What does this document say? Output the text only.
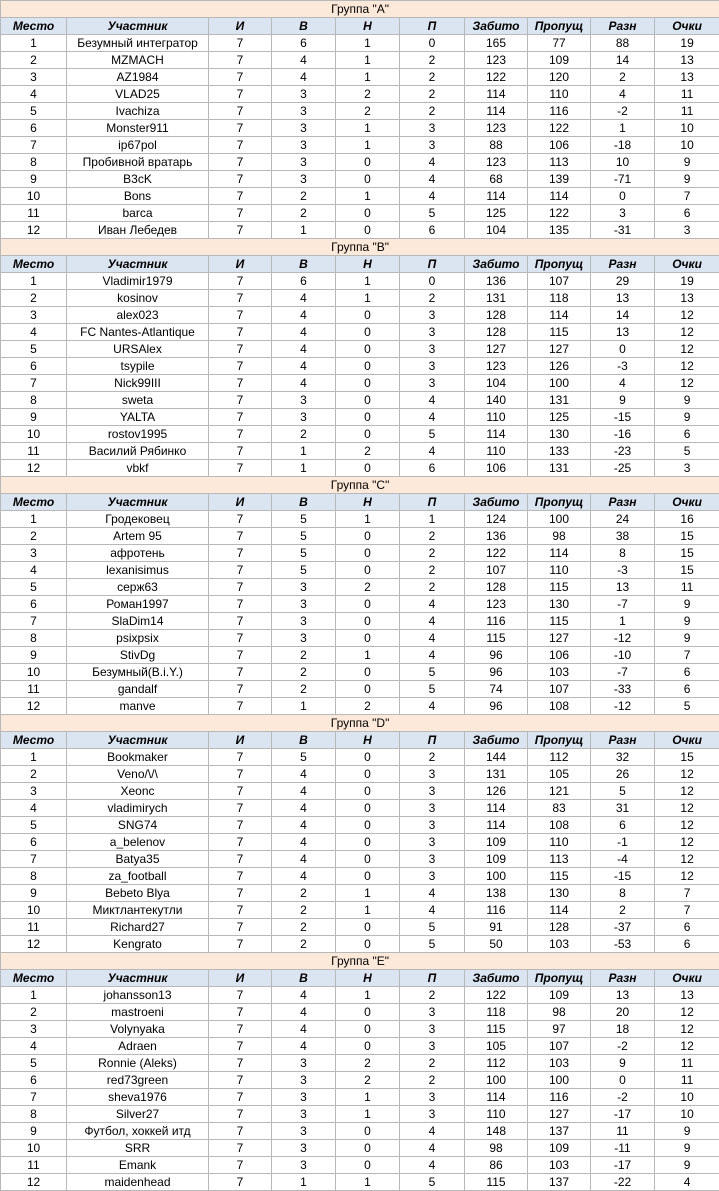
Группа "A"									
Место	Участник	И	В	Н	П	Забито	Пропущ	Разн	Очки
1	Безумный интегратор	7	6	1	0	165	77	88	19
2	MZMACH	7	4	1	2	123	109	14	13
3	AZ1984	7	4	1	2	122	120	2	13
4	VLAD25	7	3	2	2	114	110	4	11
5	Ivachiza	7	3	2	2	114	116	-2	11
6	Monster911	7	3	1	3	123	122	1	10
7	ip67pol	7	3	1	3	88	106	-18	10
8	Пробивной вратарь	7	3	0	4	123	113	10	9
9	B3cK	7	3	0	4	68	139	-71	9
10	Bons	7	2	1	4	114	114	0	7
11	barca	7	2	0	5	125	122	3	6
12	Иван Лебедев	7	1	0	6	104	135	-31	3
Группа "B"									
Место	Участник	И	В	Н	П	Забито	Пропущ	Разн	Очки
1	Vladimir1979	7	6	1	0	136	107	29	19
2	kosinov	7	4	1	2	131	118	13	13
3	alex023	7	4	0	3	128	114	14	12
4	FC Nantes-Atlantique	7	4	0	3	128	115	13	12
5	URSAlex	7	4	0	3	127	127	0	12
6	tsypile	7	4	0	3	123	126	-3	12
7	Nick99III	7	4	0	3	104	100	4	12
8	sweta	7	3	0	4	140	131	9	9
9	YALTA	7	3	0	4	110	125	-15	9
10	rostov1995	7	2	0	5	114	130	-16	6
11	Василий Рябинко	7	1	2	4	110	133	-23	5
12	vbkf	7	1	0	6	106	131	-25	3
Группа "C"									
Место	Участник	И	В	Н	П	Забито	Пропущ	Разн	Очки
1	Гродековец	7	5	1	1	124	100	24	16
2	Artem 95	7	5	0	2	136	98	38	15
3	афротень	7	5	0	2	122	114	8	15
4	lexanisimus	7	5	0	2	107	110	-3	15
5	серж63	7	3	2	2	128	115	13	11
6	Роман1997	7	3	0	4	123	130	-7	9
7	SlaDim14	7	3	0	4	116	115	1	9
8	psixpsix	7	3	0	4	115	127	-12	9
9	StivDg	7	2	1	4	96	106	-10	7
10	Безумный(B.i.Y.)	7	2	0	5	96	103	-7	6
11	gandalf	7	2	0	5	74	107	-33	6
12	manve	7	1	2	4	96	108	-12	5
Группа "D"									
Место	Участник	И	В	Н	П	Забито	Пропущ	Разн	Очки
1	Bookmaker	7	5	0	2	144	112	32	15
2	Veno/\/\	7	4	0	3	131	105	26	12
3	Xeonc	7	4	0	3	126	121	5	12
4	vladimirych	7	4	0	3	114	83	31	12
5	SNG74	7	4	0	3	114	108	6	12
6	a_belenov	7	4	0	3	109	110	-1	12
7	Batya35	7	4	0	3	109	113	-4	12
8	za_football	7	4	0	3	100	115	-15	12
9	Bebeto Blya	7	2	1	4	138	130	8	7
10	Миктлантекутли	7	2	1	4	116	114	2	7
11	Richard27	7	2	0	5	91	128	-37	6
12	Kengrato	7	2	0	5	50	103	-53	6
Группа "E"									
Место	Участник	И	В	Н	П	Забито	Пропущ	Разн	Очки
1	johansson13	7	4	1	2	122	109	13	13
2	mastroeni	7	4	0	3	118	98	20	12
3	Volynyaka	7	4	0	3	115	97	18	12
4	Adraen	7	4	0	3	105	107	-2	12
5	Ronnie (Aleks)	7	3	2	2	112	103	9	11
6	red73green	7	3	2	2	100	100	0	11
7	sheva1976	7	3	1	3	114	116	-2	10
8	Silver27	7	3	1	3	110	127	-17	10
9	Футбол, хоккей итд	7	3	0	4	148	137	11	9
10	SRR	7	3	0	4	98	109	-11	9
11	Emank	7	3	0	4	86	103	-17	9
12	maidenhead	7	1	1	5	115	137	-22	4
